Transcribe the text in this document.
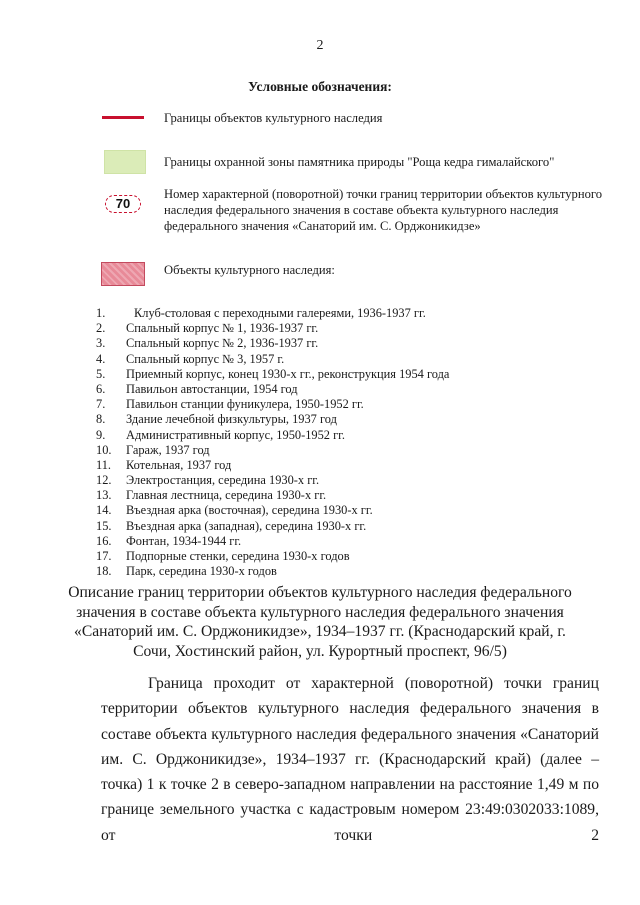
2
Условные обозначения:
Границы объектов культурного наследия
Границы охранной зоны памятника природы "Роща кедра гималайского"
70
Номер характерной (поворотной) точки границ территории объектов культурного наследия федерального значения в составе объекта культурного наследия федерального значения «Санаторий им. С. Орджоникидзе»
Объекты культурного наследия:
1. Клуб-столовая с переходными галереями, 1936-1937 гг.
2. Спальный корпус № 1, 1936-1937 гг.
3. Спальный корпус № 2, 1936-1937 гг.
4. Спальный корпус № 3, 1957 г.
5. Приемный корпус, конец 1930-х гг., реконструкция 1954 года
6. Павильон автостанции, 1954 год
7. Павильон станции фуникулера, 1950-1952 гг.
8. Здание лечебной физкультуры, 1937 год
9. Административный корпус, 1950-1952 гг.
10. Гараж, 1937 год
11. Котельная, 1937 год
12. Электростанция, середина 1930-х гг.
13. Главная лестница, середина 1930-х гг.
14. Въездная арка (восточная), середина 1930-х гг.
15. Въездная арка (западная), середина 1930-х гг.
16. Фонтан, 1934-1944 гг.
17. Подпорные стенки, середина 1930-х годов
18. Парк, середина 1930-х годов
Описание границ территории объектов культурного наследия федерального значения в составе объекта культурного наследия федерального значения «Санаторий им. С. Орджоникидзе», 1934–1937 гг. (Краснодарский край, г. Сочи, Хостинский район, ул. Курортный проспект, 96/5)
Граница проходит от характерной (поворотной) точки границ территории объектов культурного наследия федерального значения в составе объекта культурного наследия федерального значения «Санаторий им. С. Орджоникидзе», 1934–1937 гг. (Краснодарский край) (далее – точка) 1 к точке 2 в северо-западном направлении на расстояние 1,49 м по границе земельного участка с кадастровым номером 23:49:0302033:1089, от точки 2
